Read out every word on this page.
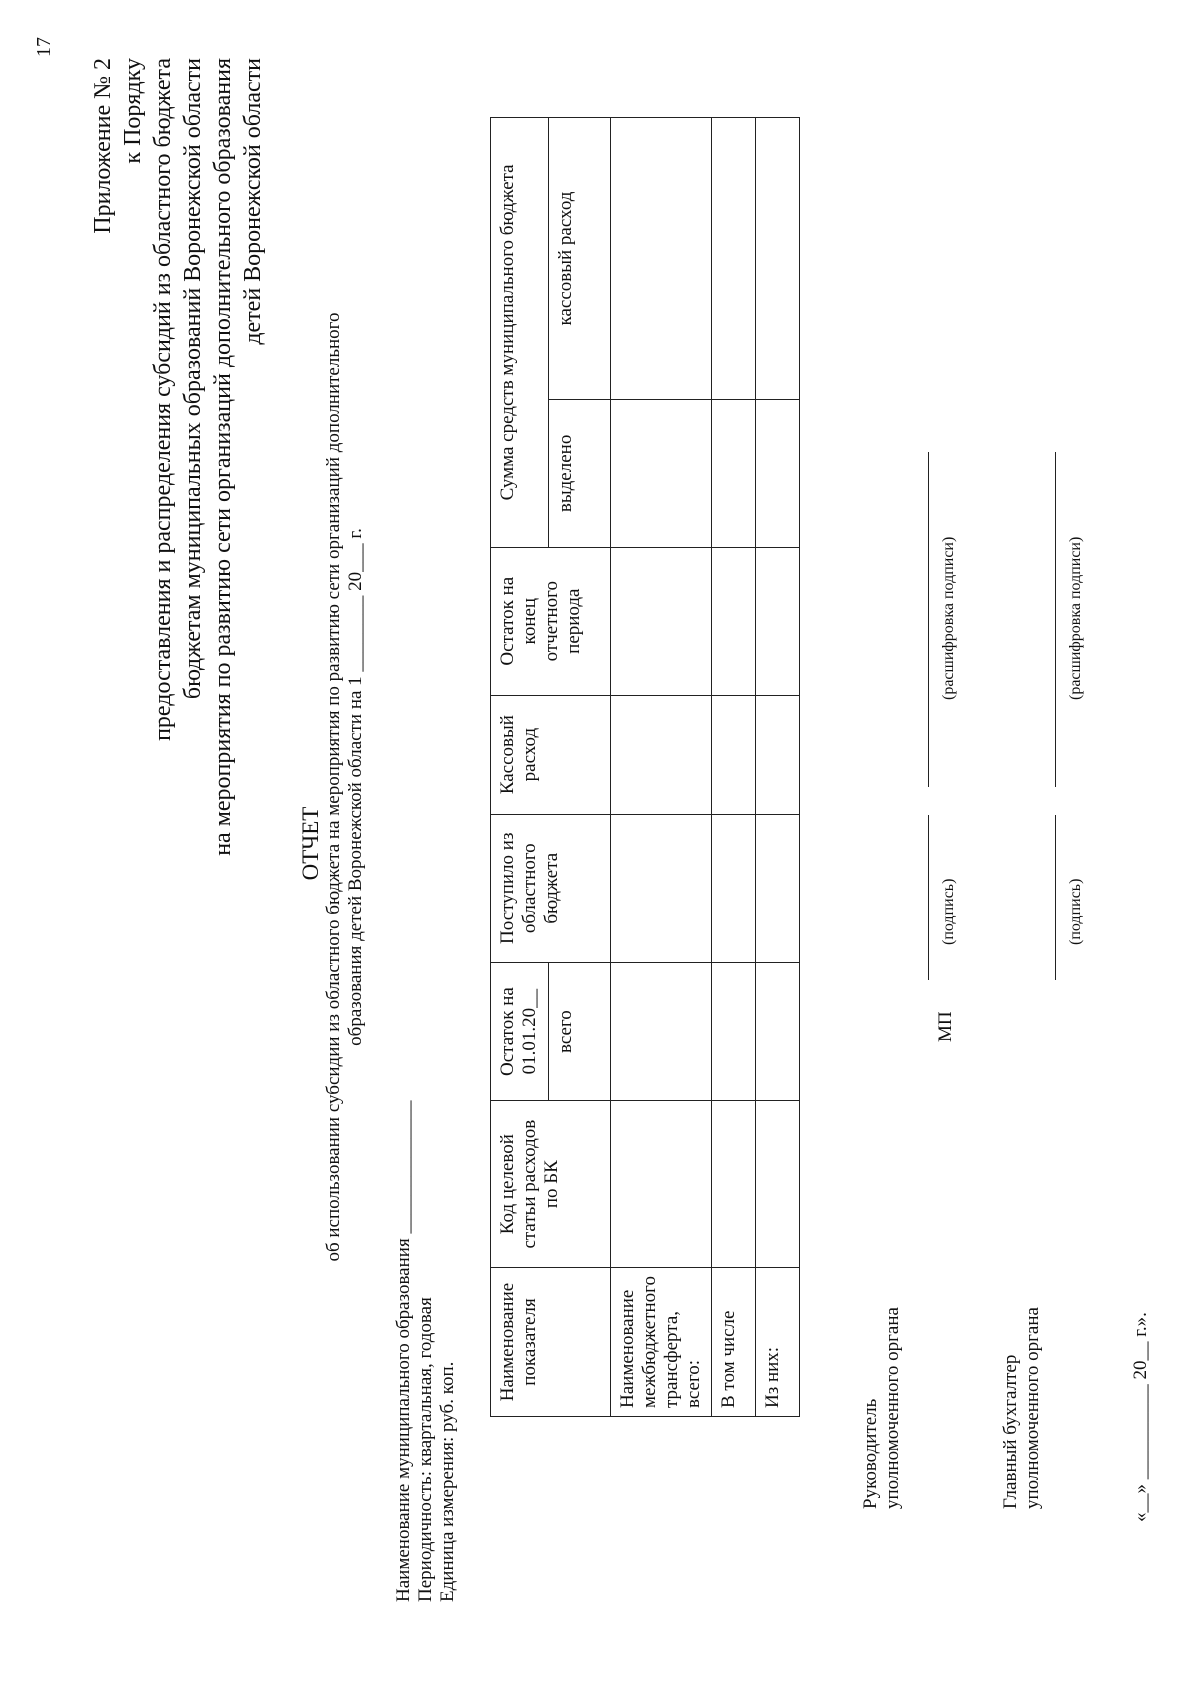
17
Приложение № 2 к Порядку предоставления и распределения субсидий из областного бюджета бюджетам муниципальных образований Воронежской области на мероприятия по развитию сети организаций дополнительного образования детей Воронежской области
ОТЧЕТ об использовании субсидии из областного бюджета на мероприятия по развитию сети организаций дополнительного образования детей Воронежской области на 1 ________ 20___ г.
Наименование муниципального образования ______________ Периодичность: квартальная, годовая Единица измерения: руб. коп.
Наименование показателя	Код целевой статьи расходов по БК	Остаток на 01.01.20__	Поступило из областного бюджета	Кассовый расход	Остаток на конец отчетного периода	Сумма средств муниципального бюджета	
		всего				выделено	кассовый расход
Наименование межбюджетного трансферта, всего:							
В том числе							
Из них:							
Руководитель уполномоченного органа
МП
(подпись)
(расшифровка подписи)
Главный бухгалтер уполномоченного органа
(подпись)
(расшифровка подписи)
«__» __________ 20__ г.».
